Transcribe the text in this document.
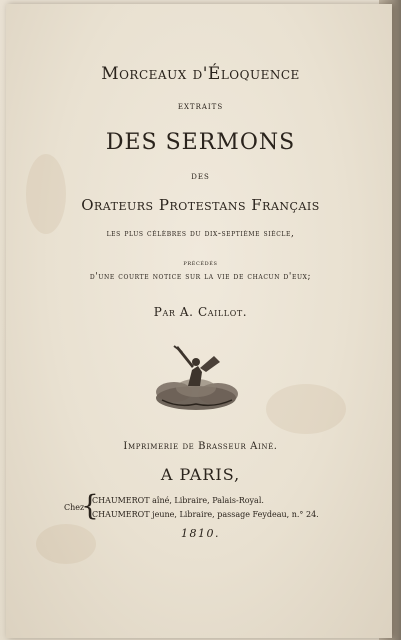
Morceaux d'Éloquence
extraits
DES SERMONS
des
Orateurs Protestans Français
les plus célèbres du dix-septième siècle,
précédés
d'une courte notice sur la vie de chacun d'eux;
Par A. Caillot.
Imprimerie de Brasseur Ainé.
A PARIS,
Chez
{
CHAUMEROT aîné, Libraire, Palais-Royal.
CHAUMEROT jeune, Libraire, passage Feydeau, n.° 24.
1810.
